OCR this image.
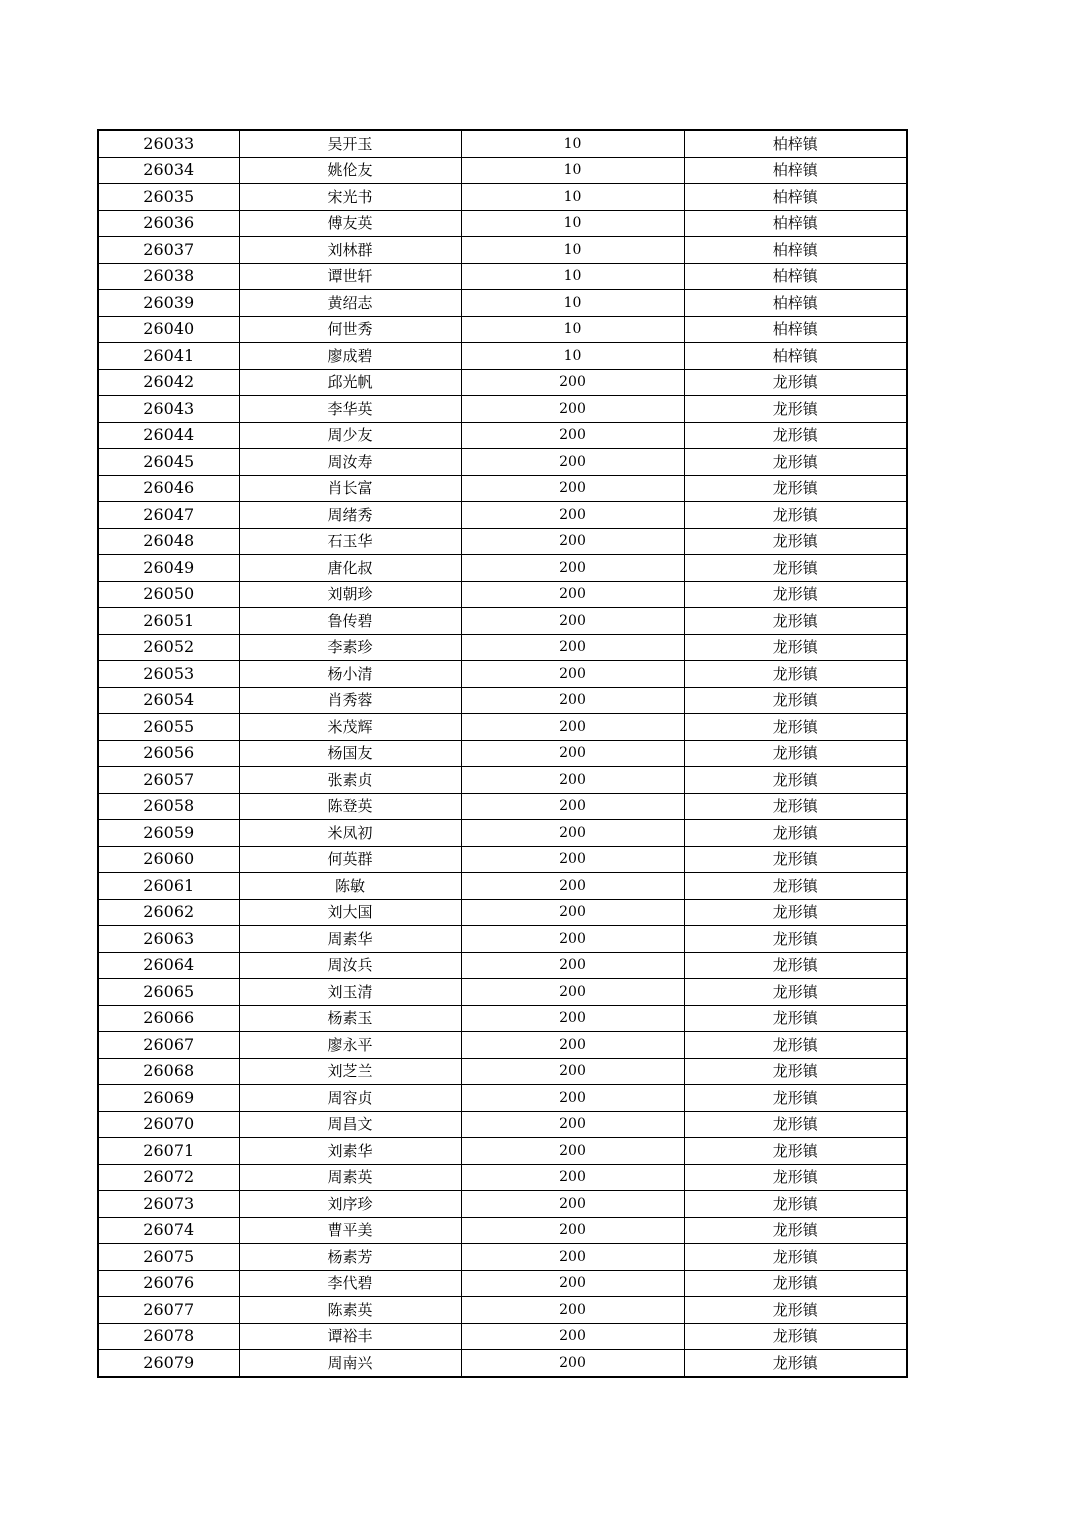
26033	吴开玉	10	柏梓镇
26034	姚伦友	10	柏梓镇
26035	宋光书	10	柏梓镇
26036	傅友英	10	柏梓镇
26037	刘林群	10	柏梓镇
26038	谭世轩	10	柏梓镇
26039	黄绍志	10	柏梓镇
26040	何世秀	10	柏梓镇
26041	廖成碧	10	柏梓镇
26042	邱光帆	200	龙形镇
26043	李华英	200	龙形镇
26044	周少友	200	龙形镇
26045	周汝寿	200	龙形镇
26046	肖长富	200	龙形镇
26047	周绪秀	200	龙形镇
26048	石玉华	200	龙形镇
26049	唐化叔	200	龙形镇
26050	刘朝珍	200	龙形镇
26051	鲁传碧	200	龙形镇
26052	李素珍	200	龙形镇
26053	杨小清	200	龙形镇
26054	肖秀蓉	200	龙形镇
26055	米茂辉	200	龙形镇
26056	杨国友	200	龙形镇
26057	张素贞	200	龙形镇
26058	陈登英	200	龙形镇
26059	米凤初	200	龙形镇
26060	何英群	200	龙形镇
26061	陈敏	200	龙形镇
26062	刘大国	200	龙形镇
26063	周素华	200	龙形镇
26064	周汝兵	200	龙形镇
26065	刘玉清	200	龙形镇
26066	杨素玉	200	龙形镇
26067	廖永平	200	龙形镇
26068	刘芝兰	200	龙形镇
26069	周容贞	200	龙形镇
26070	周昌文	200	龙形镇
26071	刘素华	200	龙形镇
26072	周素英	200	龙形镇
26073	刘序珍	200	龙形镇
26074	曹平美	200	龙形镇
26075	杨素芳	200	龙形镇
26076	李代碧	200	龙形镇
26077	陈素英	200	龙形镇
26078	谭裕丰	200	龙形镇
26079	周南兴	200	龙形镇
